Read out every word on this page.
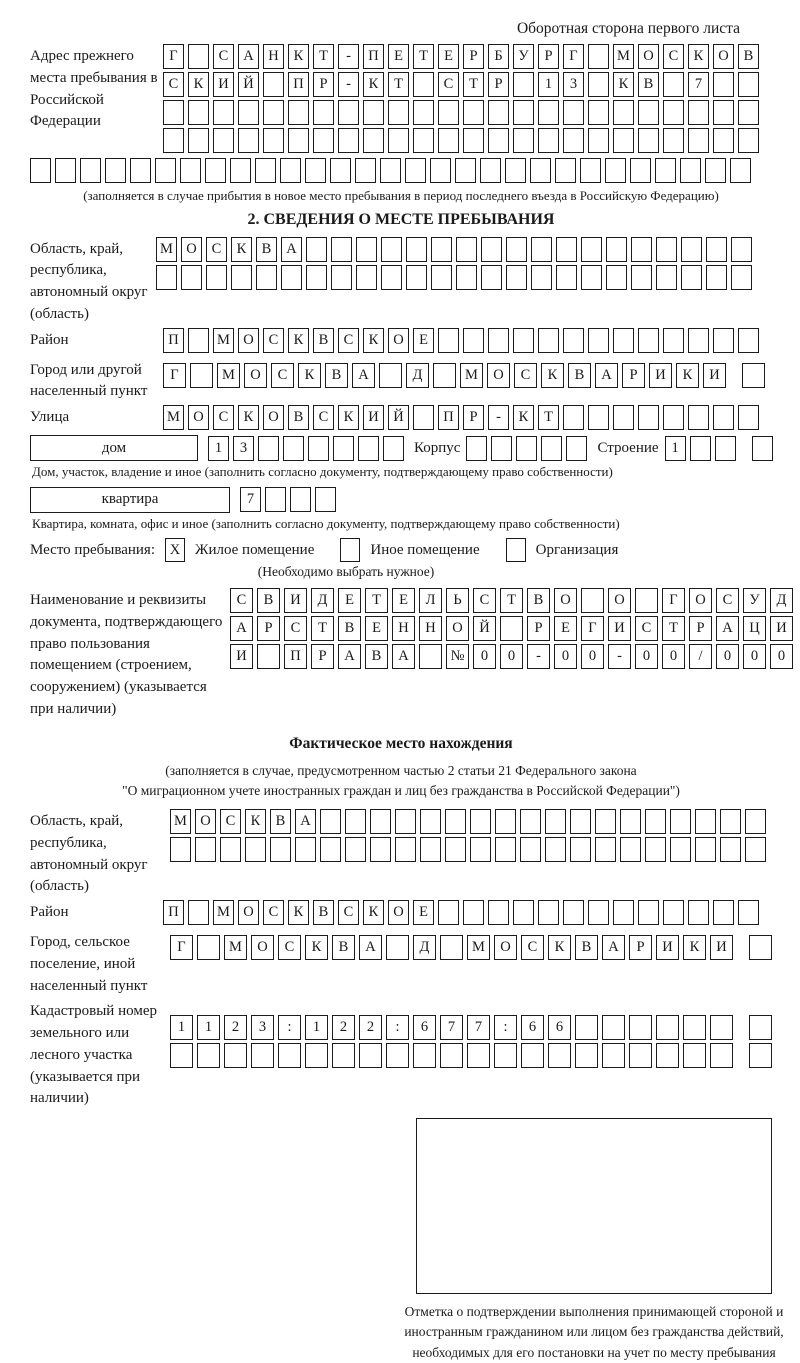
Оборотная сторона первого листа
Адрес прежнего места пребывания в Российской Федерации
Г	С	А	Н	К	Т	-	П	Е	Т	Е	Р	Б	У	Р	Г	М О	С	К	О	В
С	К	И	Й	П	Р	-	К	Т	С	Т	Р	1	3	К	В	7
(заполняется в случае прибытия в новое место пребывания в период последнего въезда в Российскую Федерацию)
2. СВЕДЕНИЯ О МЕСТЕ ПРЕБЫВАНИЯ
Область, край, республика, автономный округ (область)
М О	С	К	В	А
Район	П	М О	С	К	В	С	К	О	Е
Город или другой населенный пункт
Г	М	О	С	К	В	А	Д	М	О	С	К	В	А	Р	И	К	И
Улица	М О	С	К	О	В	С	К	И	Й	П	Р	-	К	Т
дом	1	3	Корпус	Строение 1
Дом, участок, владение и иное (заполнить согласно документу, подтверждающему право собственности)
квартира	7
Квартира, комната, офис и иное (заполнить согласно документу, подтверждающему право собственности)
Место пребывания:	X Жилое помещение	Иное помещение	Организация
(Необходимо выбрать нужное)
Наименование и реквизиты документа, подтверждающего право пользования помещением (строением, сооружением) (указывается при наличии)
С	В	И	Д	Е	Т	Е	Л	Ь	С	Т	В	О	О	Г	О	С	У	Д
А	Р	С	Т	В	Е	Н	Н	О	Й	Р	Е	Г	И	С	Т	Р	А	Ц	И
И	П	Р	А	В	А	№	0	0	-	0	0	-	0	0	/	0	0	0
Фактическое место нахождения
(заполняется в случае, предусмотренном частью 2 статьи 21 Федерального закона
"О миграционном учете иностранных граждан и лиц без гражданства в Российской Федерации")
Область, край, республика, автономный округ (область)
М О	С	К	В	А
Район	П	М О	С	К	В	С	К	О	Е
Город, сельское поселение, иной населенный пункт
Г	М	О	С	К	В	А	Д	М	О	С	К	В	А	Р	И	К	И
Кадастровый номер земельного или лесного участка (указывается при наличии)
1	1	2	3	:	1	2	2	:	6	7	7	:	6	6
Отметка о подтверждении выполнения принимающей стороной и иностранным гражданином или лицом без гражданства действий, необходимых для его постановки на учет по месту пребывания
